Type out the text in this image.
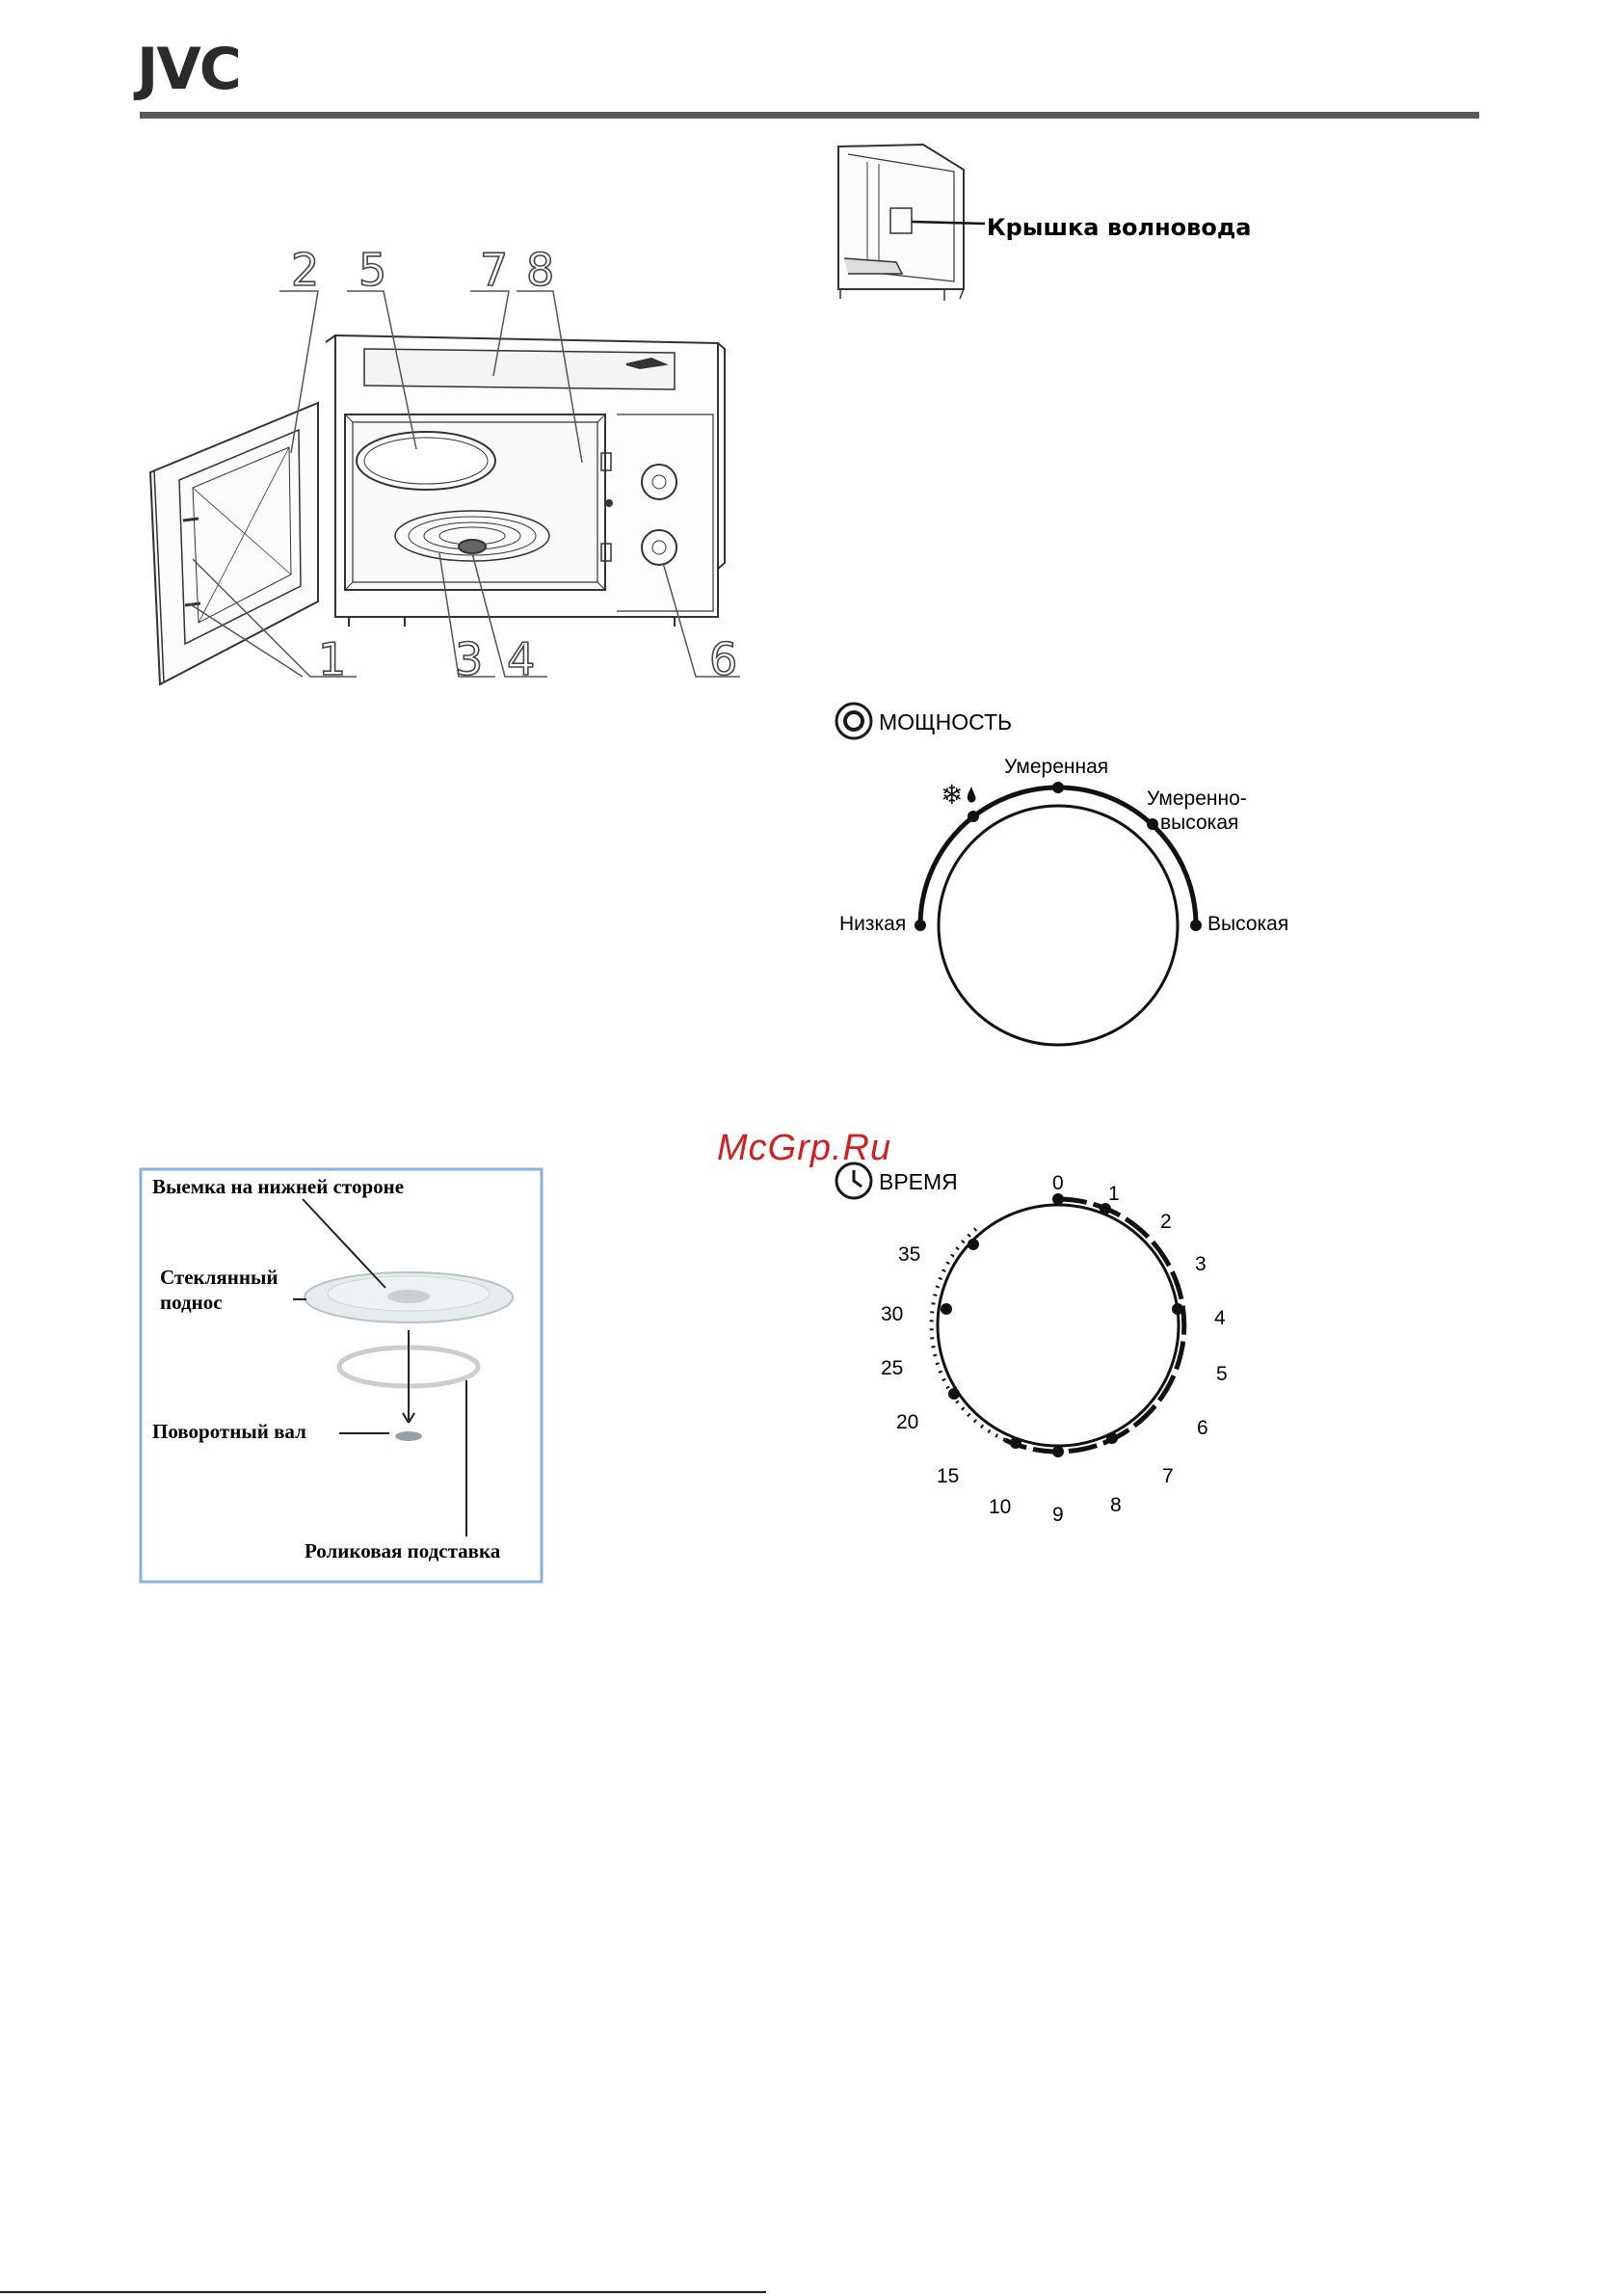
JVC
2 5 7 8
1 3 4	6
Крышка волновода
МОЩНОСТЬ
❄
Низкая
Умеренная
Умеренно-
высокая
Высокая
ВРЕМЯ	0 1
2
3
4
5
6
7
8
9
10
15
20
25
30
35
Выемка на нижней стороне
Стеклянный
поднос
Поворотный вал
Роликовая подставка
McGrp.Ru
